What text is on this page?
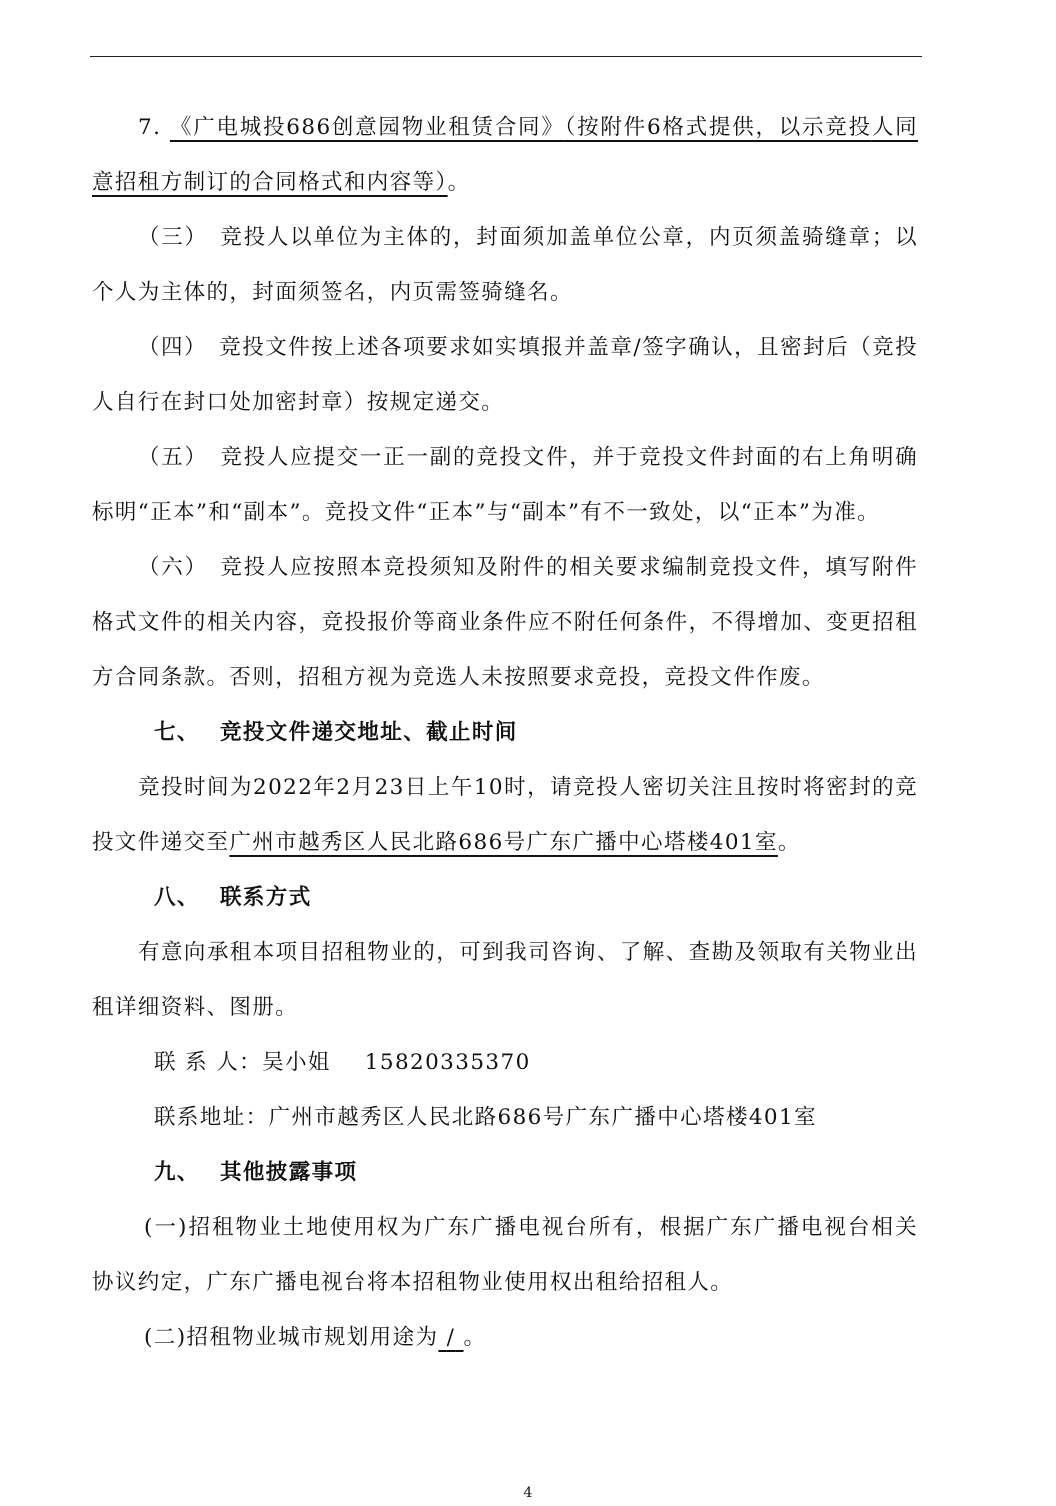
7. 《广电城投686创意园物业租赁合同》（按附件6格式提供，以示竞投人同意招租方制订的合同格式和内容等）。

（三）　竞投人以单位为主体的，封面须加盖单位公章，内页须盖骑缝章；以个人为主体的，封面须签名，内页需签骑缝名。

（四）　竞投文件按上述各项要求如实填报并盖章/签字确认，且密封后（竞投人自行在封口处加密封章）按规定递交。

（五）　竞投人应提交一正一副的竞投文件，并于竞投文件封面的右上角明确标明“正本”和“副本”。竞投文件“正本”与“副本”有不一致处，以“正本”为准。

（六）　竞投人应按照本竞投须知及附件的相关要求编制竞投文件，填写附件格式文件的相关内容，竞投报价等商业条件应不附任何条件，不得增加、变更招租方合同条款。否则，招租方视为竞选人未按照要求竞投，竞投文件作废。

七、 竞投文件递交地址、截止时间

竞投时间为2022年2月23日上午10时，请竞投人密切关注且按时将密封的竞投文件递交至广州市越秀区人民北路686号广东广播中心塔楼401室。

八、 联系方式

有意向承租本项目招租物业的，可到我司咨询、了解、查勘及领取有关物业出租详细资料、图册。

联 系 人：吴小姐 15820335370

联系地址：广州市越秀区人民北路686号广东广播中心塔楼401室

九、 其他披露事项

(一)招租物业土地使用权为广东广播电视台所有，根据广东广播电视台相关协议约定，广东广播电视台将本招租物业使用权出租给招租人。

(二)招租物业城市规划用途为 / 。

4
